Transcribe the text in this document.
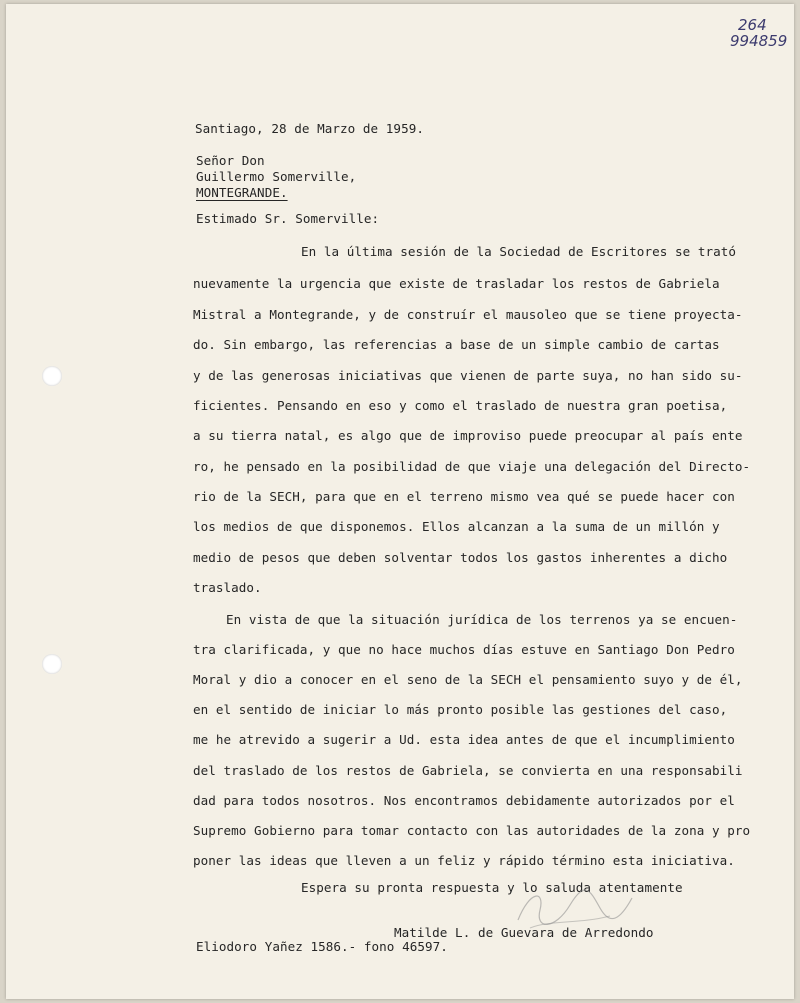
264
994859
Santiago, 28 de Marzo de 1959.
Señor Don
Guillermo Somerville,
MONTEGRANDE.
Estimado Sr. Somerville:
En la última sesión de la Sociedad de Escritores se trató
nuevamente la urgencia que existe de trasladar los restos de Gabriela
Mistral a Montegrande, y de construír el mausoleo que se tiene proyecta-
do. Sin embargo, las referencias a base de un simple cambio de cartas
y de las generosas iniciativas que vienen de parte suya, no han sido su-
ficientes. Pensando en eso y como el traslado de nuestra gran poetisa,
a su tierra natal, es algo que de improviso puede preocupar al país ente
ro, he pensado en la posibilidad de que viaje una delegación del Directo-
rio de la SECH, para que en el terreno mismo vea qué se puede hacer con
los medios de que disponemos. Ellos alcanzan a la suma de un millón y
medio de pesos que deben solventar todos los gastos inherentes a dicho
traslado.
En vista de que la situación jurídica de los terrenos ya se encuen-
tra clarificada, y que no hace muchos días estuve en Santiago Don Pedro
Moral y dio a conocer en el seno de la SECH el pensamiento suyo y de él,
en el sentido de iniciar lo más pronto posible las gestiones del caso,
me he atrevido a sugerir a Ud. esta idea antes de que el incumplimiento
del traslado de los restos de Gabriela, se convierta en una responsabili
dad para todos nosotros. Nos encontramos debidamente autorizados por el
Supremo Gobierno para tomar contacto con las autoridades de la zona y pro
poner las ideas que lleven a un feliz y rápido término esta iniciativa.
Espera su pronta respuesta y lo saluda atentamente
Matilde L. de Guevara de Arredondo
Eliodoro Yañez 1586.- fono 46597.
